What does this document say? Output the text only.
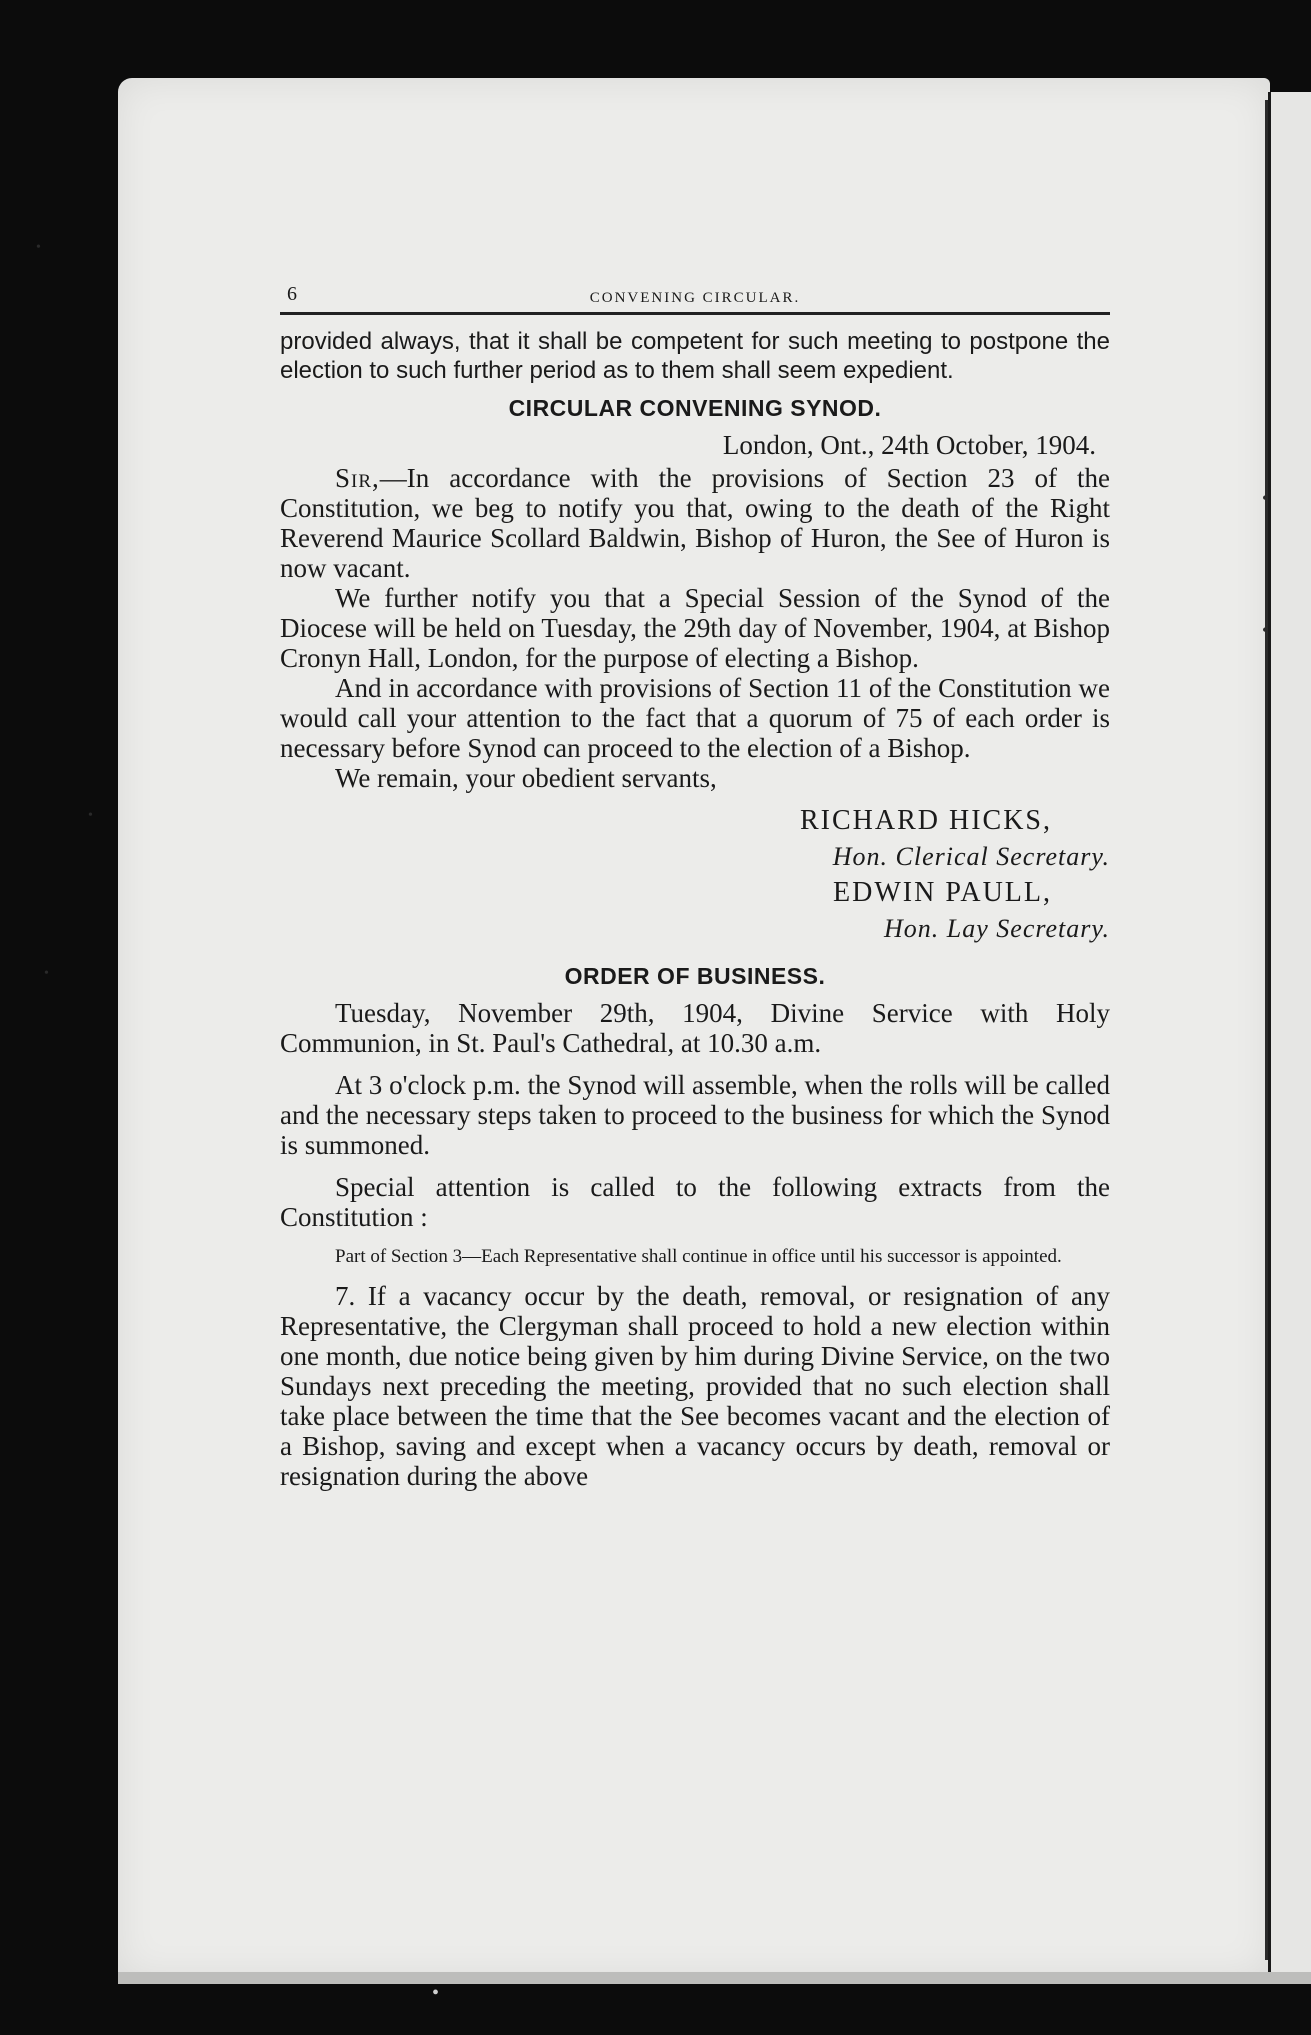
•
•
•
•
•
•
6	CONVENING CIRCULAR.

provided always, that it shall be competent for such meeting to postpone the election to such further period as to them shall seem expedient.

CIRCULAR CONVENING SYNOD.
London, Ont., 24th October, 1904.

Sir,—In accordance with the provisions of Section 23 of the Constitution, we beg to notify you that, owing to the death of the Right Reverend Maurice Scollard Baldwin, Bishop of Huron, the See of Huron is now vacant.

We further notify you that a Special Session of the Synod of the Diocese will be held on Tuesday, the 29th day of November, 1904, at Bishop Cronyn Hall, London, for the purpose of electing a Bishop.

And in accordance with provisions of Section 11 of the Constitution we would call your attention to the fact that a quorum of 75 of each order is necessary before Synod can proceed to the election of a Bishop.

We remain, your obedient servants,

RICHARD HICKS,
Hon. Clerical Secretary.
EDWIN PAULL,
Hon. Lay Secretary.
ORDER OF BUSINESS.

Tuesday, November 29th, 1904, Divine Service with Holy Communion, in St. Paul's Cathedral, at 10.30 a.m.

At 3 o'clock p.m. the Synod will assemble, when the rolls will be called and the necessary steps taken to proceed to the business for which the Synod is summoned.

Special attention is called to the following extracts from the Constitution :

Part of Section 3—Each Representative shall continue in office until his successor is appointed.

7. If a vacancy occur by the death, removal, or resignation of any Representative, the Clergyman shall proceed to hold a new election within one month, due notice being given by him during Divine Service, on the two Sundays next preceding the meeting, provided that no such election shall take place between the time that the See becomes vacant and the election of a Bishop, saving and except when a vacancy occurs by death, removal or resignation during the above
